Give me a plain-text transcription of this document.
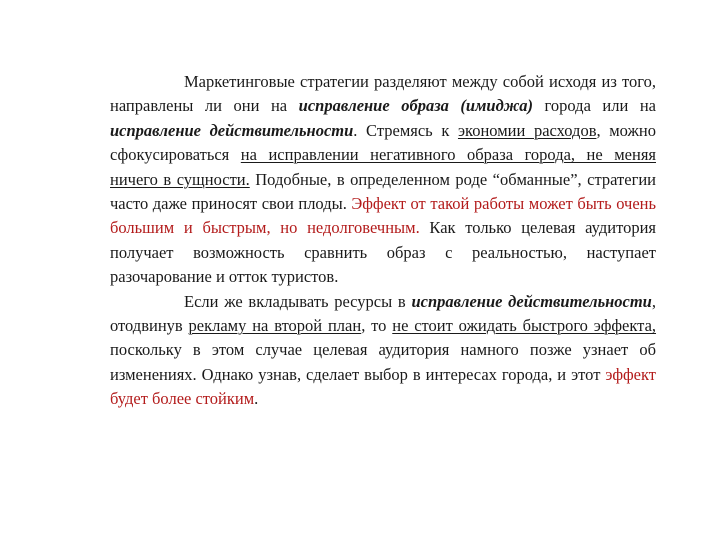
Маркетинговые стратегии разделяют между собой исходя из того, направлены ли они на исправление образа (имиджа) города или на исправление действительности. Стремясь к экономии расходов, можно сфокусироваться на исправлении негативного образа города, не меняя ничего в сущности. Подобные, в определенном роде “обманные”, стратегии часто даже приносят свои плоды. Эффект от такой работы может быть очень большим и быстрым, но недолговечным. Как только целевая аудитория получает возможность сравнить образ с реальностью, наступает разочарование и отток туристов.

Если же вкладывать ресурсы в исправление действительности, отодвинув рекламу на второй план, то не стоит ожидать быстрого эффекта, поскольку в этом случае целевая аудитория намного позже узнает об изменениях. Однако узнав, сделает выбор в интересах города, и этот эффект будет более стойким.
